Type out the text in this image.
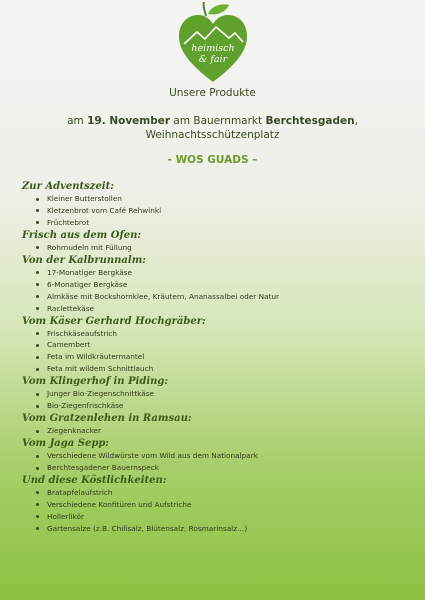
heimisch
& fair
Unsere Produkte
am 19. November am Bauernmarkt Berchtesgaden,
Weihnachtsschützenplatz
- WOS GUADS –
Zur Adventszeit:
Kleiner Butterstollen
Kletzenbrot vom Café Rehwinkl
Früchtebrot
Frisch aus dem Ofen:
Rohrnudeln mit Füllung
Von der Kalbrunnalm:
17-Monatiger Bergkäse
6-Monatiger Bergkäse
Almkäse mit Bockshornklee, Kräutern, Ananassalbei oder Natur
Raclettekäse
Vom Käser Gerhard Hochgräber:
Frischkäseaufstrich
Camembert
Feta im Wildkräutermantel
Feta mit wildem Schnittlauch
Vom Klingerhof in Piding:
Junger Bio-Ziegenschnittkäse
Bio-Ziegenfrischkäse
Vom Gratzenlehen in Ramsau:
Ziegenknacker
Vom Jaga Sepp:
Verschiedene Wildwürste vom Wild aus dem Nationalpark
Berchtesgadener Bauernspeck
Und diese Köstlichkeiten:
Bratapfelaufstrich
Verschiedene Konfitüren und Aufstriche
Hollerlikör
Gartensalze (z.B. Chilisalz, Blütensalz, Rosmarinsalz…)
